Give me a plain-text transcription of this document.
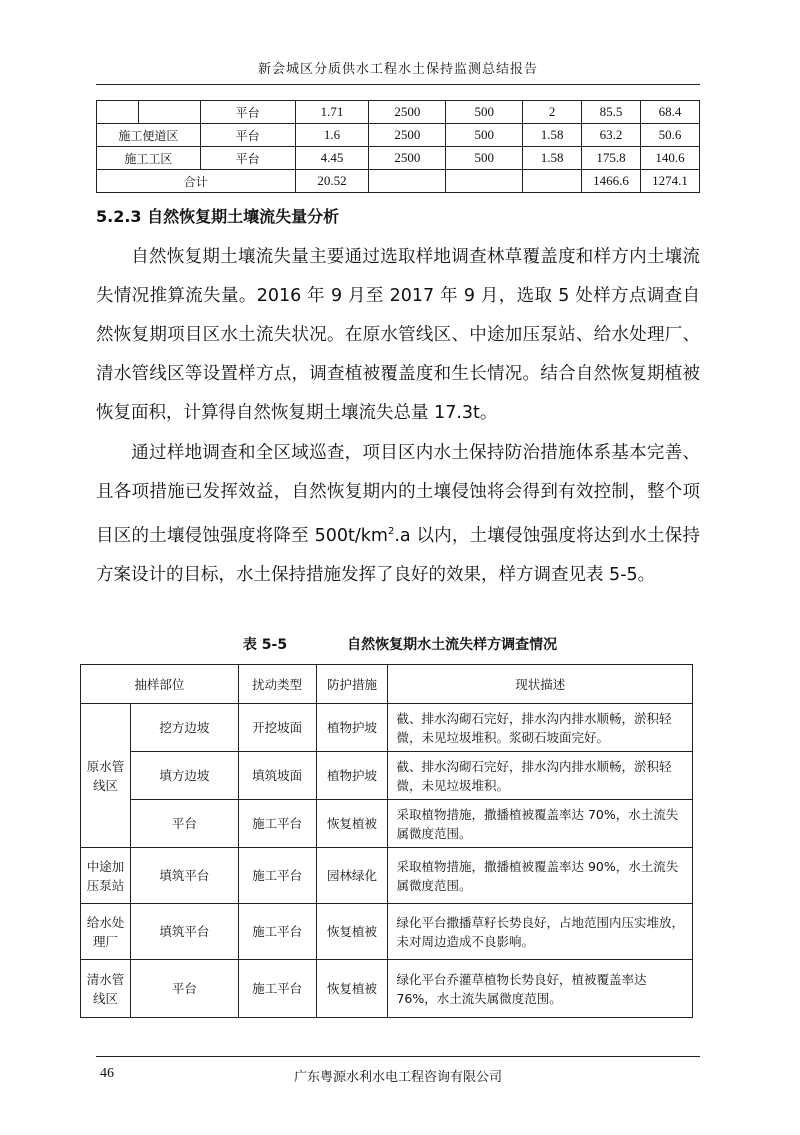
新会城区分质供水工程水土保持监测总结报告
		平台	1.71	2500	500	2	85.5	68.4
施工便道区		平台	1.6	2500	500	1.58	63.2	50.6
施工工区		平台	4.45	2500	500	1.58	175.8	140.6
合计			20.52				1466.6	1274.1
5.2.3 自然恢复期土壤流失量分析

自然恢复期土壤流失量主要通过选取样地调查林草覆盖度和样方内土壤流失情况推算流失量。2016 年 9 月至 2017 年 9 月，选取 5 处样方点调查自然恢复期项目区水土流失状况。在原水管线区、中途加压泵站、给水处理厂、清水管线区等设置样方点，调查植被覆盖度和生长情况。结合自然恢复期植被恢复面积，计算得自然恢复期土壤流失总量 17.3t。

通过样地调查和全区域巡查，项目区内水土保持防治措施体系基本完善、且各项措施已发挥效益，自然恢复期内的土壤侵蚀将会得到有效控制，整个项目区的土壤侵蚀强度将降至 $500t/km^2.a$ 以内，土壤侵蚀强度将达到水土保持方案设计的目标，水土保持措施发挥了良好的效果，样方调查见表 5-5。

表 5-5	自然恢复期水土流失样方调查情况
抽样部位		扰动类型	防护措施	现状描述
原水管线区	挖方边坡	开挖坡面	植物护坡	截、排水沟砌石完好，排水沟内排水顺畅，淤积轻微，未见垃圾堆积。浆砌石坡面完好。
	填方边坡	填筑坡面	植物护坡	截、排水沟砌石完好，排水沟内排水顺畅，淤积轻微，未见垃圾堆积。
	平台	施工平台	恢复植被	采取植物措施，撒播植被覆盖率达 70%，水土流失属微度范围。
中途加压泵站	填筑平台	施工平台	园林绿化	采取植物措施，撒播植被覆盖率达 90%，水土流失属微度范围。
给水处理厂	填筑平台	施工平台	恢复植被	绿化平台撒播草籽长势良好，占地范围内压实堆放，未对周边造成不良影响。
清水管线区	平台	施工平台	恢复植被	绿化平台乔灌草植物长势良好，植被覆盖率达 76%，水土流失属微度范围。
广东粤源水利水电工程咨询有限公司
46
